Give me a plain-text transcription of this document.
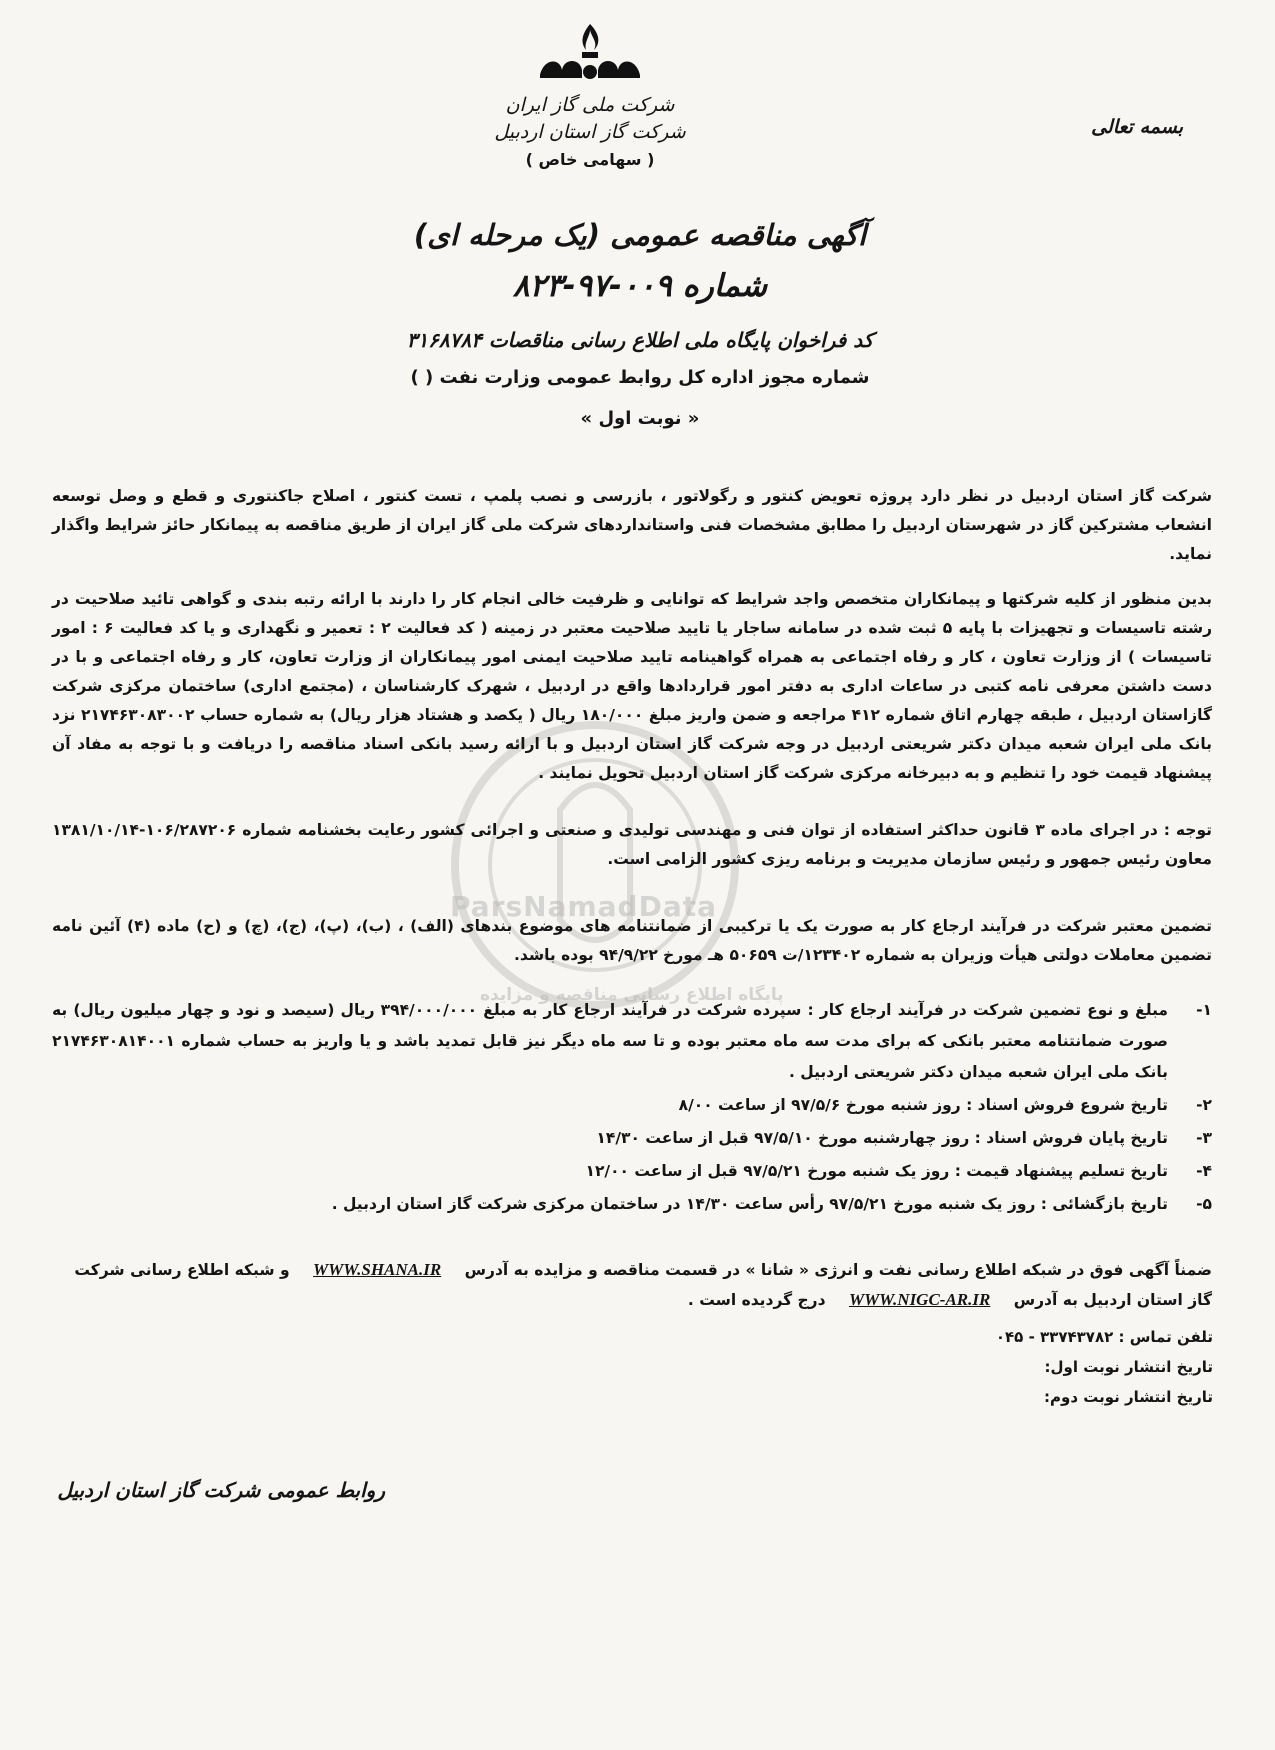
ParsNamadData
پایگاه اطلاع رسانی مناقصه و مزایده
شرکت ملی گاز ایران
شرکت گاز استان اردبیل
( سهامی خاص )
بسمه تعالی
آگهی مناقصه عمومی (یک مرحله ای)
شماره ۰۰۹-۹۷-۸۲۳
کد فراخوان پایگاه ملی اطلاع رسانی مناقصات ۳۱۶۸۷۸۴
شماره مجوز اداره کل روابط عمومی وزارت نفت ( )
« نوبت اول »
شرکت گاز استان اردبیل در نظر دارد پروژه تعویض کنتور و رگولاتور ، بازرسی و نصب پلمپ ، تست کنتور ، اصلاح جاکنتوری و قطع و وصل توسعه انشعاب مشترکین گاز در شهرستان اردبیل را مطابق مشخصات فنی واستانداردهای شرکت ملی گاز ایران از طریق مناقصه به پیمانکار حائز شرایط واگذار نماید.
بدین منظور از کلیه شرکتها و پیمانکاران متخصص واجد شرایط که توانایی و ظرفیت خالی انجام کار را دارند با ارائه رتبه بندی و گواهی تائید صلاحیت در رشته تاسیسات و تجهیزات با پایه ۵ ثبت شده در سامانه ساجار یا تایید صلاحیت معتبر در زمینه ( کد فعالیت ۲ : تعمیر و نگهداری و یا کد فعالیت ۶ : امور تاسیسات ) از وزارت تعاون ، کار و رفاه اجتماعی به همراه گواهینامه تایید صلاحیت ایمنی امور پیمانکاران از وزارت تعاون، کار و رفاه اجتماعی و با در دست داشتن معرفی نامه کتبی در ساعات اداری به دفتر امور قراردادها واقع در اردبیل ، شهرک کارشناسان ، (مجتمع اداری) ساختمان مرکزی شرکت گازاستان اردبیل ، طبقه چهارم اتاق شماره ۴۱۲ مراجعه و ضمن واریز مبلغ ۱۸۰/۰۰۰ ریال ( یکصد و هشتاد هزار ریال) به شماره حساب ۲۱۷۴۶۳۰۸۳۰۰۲ نزد بانک ملی ایران شعبه میدان دکتر شریعتی اردبیل در وجه شرکت گاز استان اردبیل و با ارائه رسید بانکی اسناد مناقصه را دریافت و با توجه به مفاد آن پیشنهاد قیمت خود را تنظیم و به دبیرخانه مرکزی شرکت گاز استان اردبیل تحویل نمایند .
توجه : در اجرای ماده ۳ قانون حداکثر استفاده از توان فنی و مهندسی تولیدی و صنعتی و اجرائی کشور رعایت بخشنامه شماره ۱۰۶/۲۸۷۲۰۶-۱۳۸۱/۱۰/۱۴ معاون رئیس جمهور و رئیس سازمان مدیریت و برنامه ریزی کشور الزامی است.
تضمین معتبر شرکت در فرآیند ارجاع کار به صورت یک یا ترکیبی از ضمانتنامه های موضوع بندهای (الف) ، (ب)، (پ)، (ج)، (چ) و (ح) ماده (۴) آئین نامه تضمین معاملات دولتی هیأت وزیران به شماره ۱۲۳۴۰۲/ت ۵۰۶۵۹ هـ مورخ ۹۴/۹/۲۲ بوده باشد.
۱-
مبلغ و نوع تضمین شرکت در فرآیند ارجاع کار : سپرده شرکت در فرآیند ارجاع کار به مبلغ ۳۹۴/۰۰۰/۰۰۰ ریال (سیصد و نود و چهار میلیون ریال) به صورت ضمانتنامه معتبر بانکی که برای مدت سه ماه معتبر بوده و تا سه ماه دیگر نیز قابل تمدید باشد و یا واریز به حساب شماره ۲۱۷۴۶۳۰۸۱۴۰۰۱ بانک ملی ایران شعبه میدان دکتر شریعتی اردبیل .
۲-
تاریخ شروع فروش اسناد : روز شنبه مورخ ۹۷/۵/۶ از ساعت ۸/۰۰
۳-
تاریخ پایان فروش اسناد : روز چهارشنبه مورخ ۹۷/۵/۱۰ قبل از ساعت ۱۴/۳۰
۴-
تاریخ تسلیم پیشنهاد قیمت : روز یک شنبه مورخ ۹۷/۵/۲۱ قبل از ساعت ۱۲/۰۰
۵-
تاریخ بازگشائی : روز یک شنبه مورخ ۹۷/۵/۲۱ رأس ساعت ۱۴/۳۰ در ساختمان مرکزی شرکت گاز استان اردبیل .
ضمناً آگهی فوق در شبکه اطلاع رسانی نفت و انرژی « شانا » در قسمت مناقصه و مزایده به آدرس WWW.SHANA.IR و شبکه اطلاع رسانی شرکت گاز استان اردبیل به آدرس WWW.NIGC-AR.IR درج گردیده است .
تلفن تماس : ۳۳۷۴۳۷۸۲ - ۰۴۵
تاریخ انتشار نوبت اول:
تاریخ انتشار نوبت دوم:
روابط عمومی شرکت گاز استان اردبیل
